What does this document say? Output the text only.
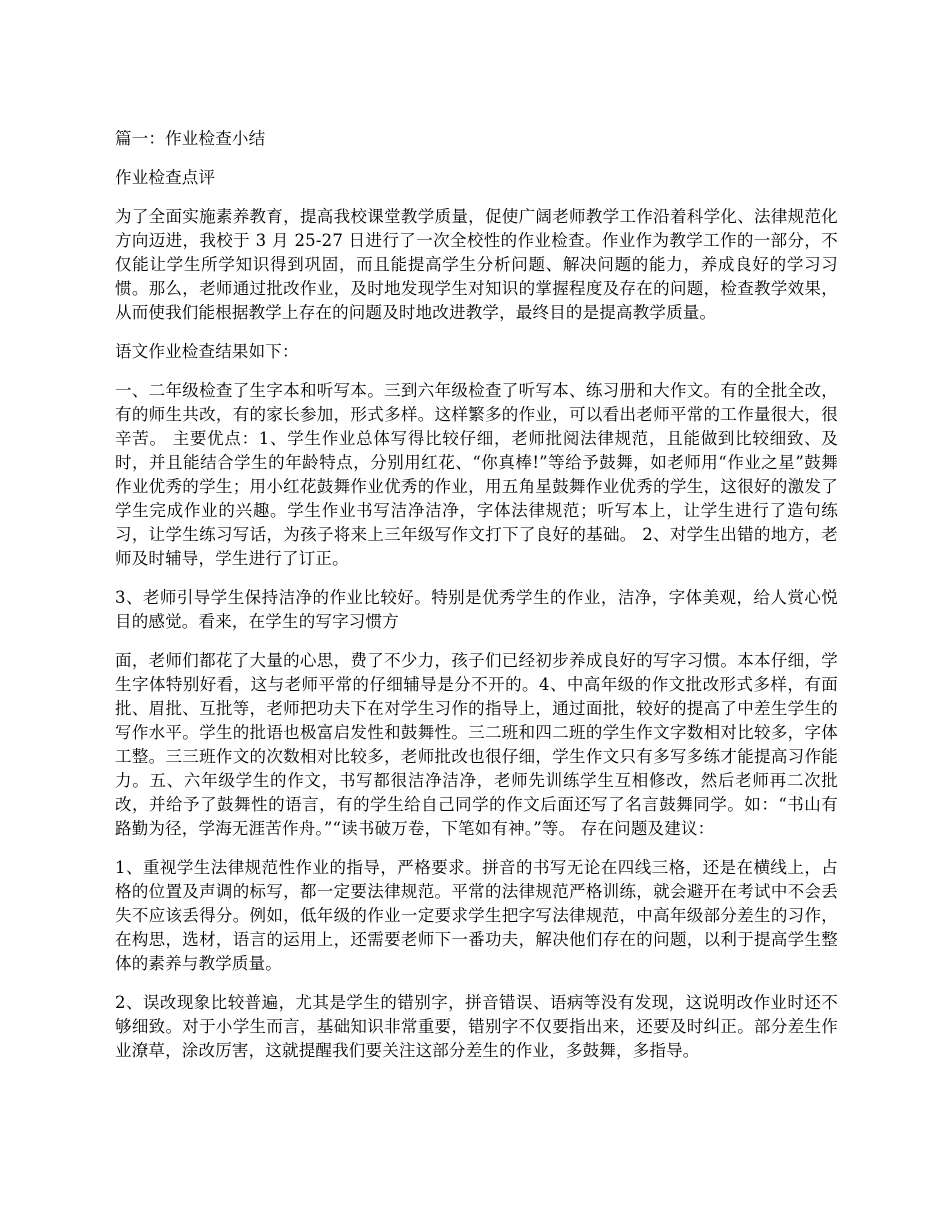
篇一：作业检查小结

作业检查点评

为了全面实施素养教育，提高我校课堂教学质量，促使广阔老师教学工作沿着科学化、法律规范化方向迈进，我校于 3 月 25-27 日进行了一次全校性的作业检查。作业作为教学工作的一部分，不仅能让学生所学知识得到巩固，而且能提高学生分析问题、解决问题的能力，养成良好的学习习惯。那么，老师通过批改作业，及时地发现学生对知识的掌握程度及存在的问题，检查教学效果，从而使我们能根据教学上存在的问题及时地改进教学，最终目的是提高教学质量。

语文作业检查结果如下：

一、二年级检查了生字本和听写本。三到六年级检查了听写本、练习册和大作文。有的全批全改，有的师生共改，有的家长参加，形式多样。这样繁多的作业，可以看出老师平常的工作量很大，很辛苦。 主要优点：1、学生作业总体写得比较仔细，老师批阅法律规范，且能做到比较细致、及时，并且能结合学生的年龄特点，分别用红花、“你真棒!”等给予鼓舞，如老师用“作业之星”鼓舞作业优秀的学生；用小红花鼓舞作业优秀的作业，用五角星鼓舞作业优秀的学生，这很好的激发了学生完成作业的兴趣。学生作业书写洁净洁净，字体法律规范；听写本上，让学生进行了造句练习，让学生练习写话，为孩子将来上三年级写作文打下了良好的基础。 2、对学生出错的地方，老师及时辅导，学生进行了订正。

3、老师引导学生保持洁净的作业比较好。特别是优秀学生的作业，洁净，字体美观，给人赏心悦目的感觉。看来，在学生的写字习惯方

面，老师们都花了大量的心思，费了不少力，孩子们已经初步养成良好的写字习惯。本本仔细，学生字体特别好看，这与老师平常的仔细辅导是分不开的。4、中高年级的作文批改形式多样，有面批、眉批、互批等，老师把功夫下在对学生习作的指导上，通过面批，较好的提高了中差生学生的写作水平。学生的批语也极富启发性和鼓舞性。三二班和四二班的学生作文字数相对比较多，字体工整。三三班作文的次数相对比较多，老师批改也很仔细，学生作文只有多写多练才能提高习作能力。五、六年级学生的作文，书写都很洁净洁净，老师先训练学生互相修改，然后老师再二次批改，并给予了鼓舞性的语言，有的学生给自己同学的作文后面还写了名言鼓舞同学。如：“书山有路勤为径，学海无涯苦作舟。”“读书破万卷，下笔如有神。”等。 存在问题及建议：

1、重视学生法律规范性作业的指导，严格要求。拼音的书写无论在四线三格，还是在横线上，占格的位置及声调的标写，都一定要法律规范。平常的法律规范严格训练，就会避开在考试中不会丢失不应该丢得分。例如，低年级的作业一定要求学生把字写法律规范，中高年级部分差生的习作，在构思，选材，语言的运用上，还需要老师下一番功夫，解决他们存在的问题，以利于提高学生整体的素养与教学质量。

2、误改现象比较普遍，尤其是学生的错别字，拼音错误、语病等没有发现，这说明改作业时还不够细致。对于小学生而言，基础知识非常重要，错别字不仅要指出来，还要及时纠正。部分差生作业潦草，涂改厉害，这就提醒我们要关注这部分差生的作业，多鼓舞，多指导。
